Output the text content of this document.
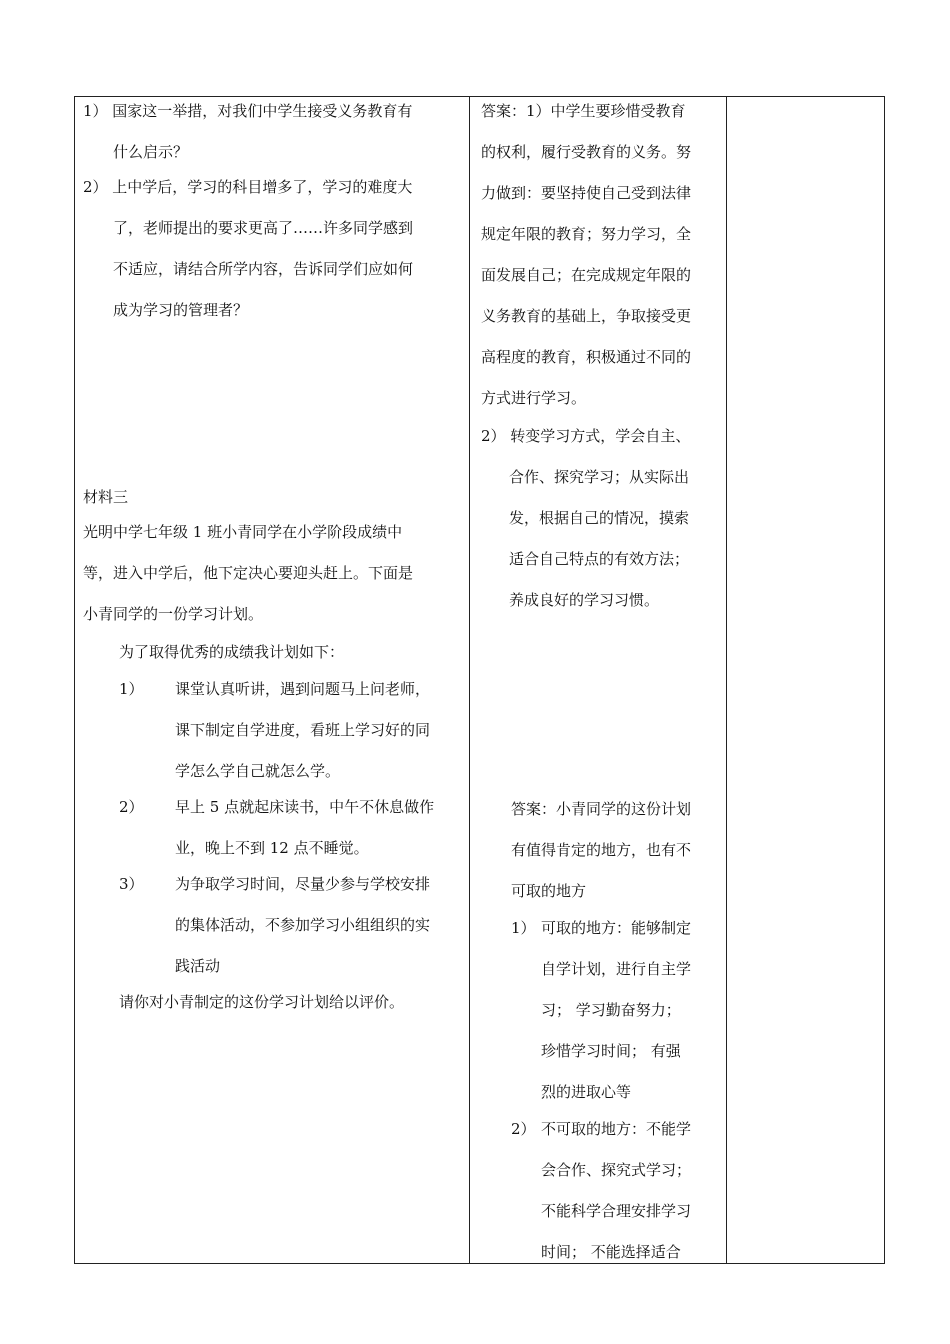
1） 国家这一举措，对我们中学生接受义务教育有
什么启示？
2） 上中学后，学习的科目增多了，学习的难度大
了，老师提出的要求更高了……许多同学感到
不适应，请结合所学内容，告诉同学们应如何
成为学习的管理者？
材料三
光明中学七年级 1 班小青同学在小学阶段成绩中
等，进入中学后，他下定决心要迎头赶上。下面是
小青同学的一份学习计划。
为了取得优秀的成绩我计划如下：
1） 课堂认真听讲，遇到问题马上问老师，
课下制定自学进度，看班上学习好的同
学怎么学自己就怎么学。
2） 早上 5 点就起床读书，中午不休息做作
业，晚上不到 12 点不睡觉。
3） 为争取学习时间，尽量少参与学校安排
的集体活动，不参加学习小组组织的实
践活动
请你对小青制定的这份学习计划给以评价。
答案：1）中学生要珍惜受教育
的权利，履行受教育的义务。努
力做到：要坚持使自己受到法律
规定年限的教育；努力学习，全
面发展自己；在完成规定年限的
义务教育的基础上，争取接受更
高程度的教育，积极通过不同的
方式进行学习。
2） 转变学习方式，学会自主、
合作、探究学习；从实际出
发，根据自己的情况，摸索
适合自己特点的有效方法；
养成良好的学习习惯。
答案：小青同学的这份计划
有值得肯定的地方，也有不
可取的地方
1） 可取的地方：能够制定
自学计划，进行自主学
习； 学习勤奋努力；
珍惜学习时间； 有强
烈的进取心等
2） 不可取的地方：不能学
会合作、探究式学习；
不能科学合理安排学习
时间； 不能选择适合
